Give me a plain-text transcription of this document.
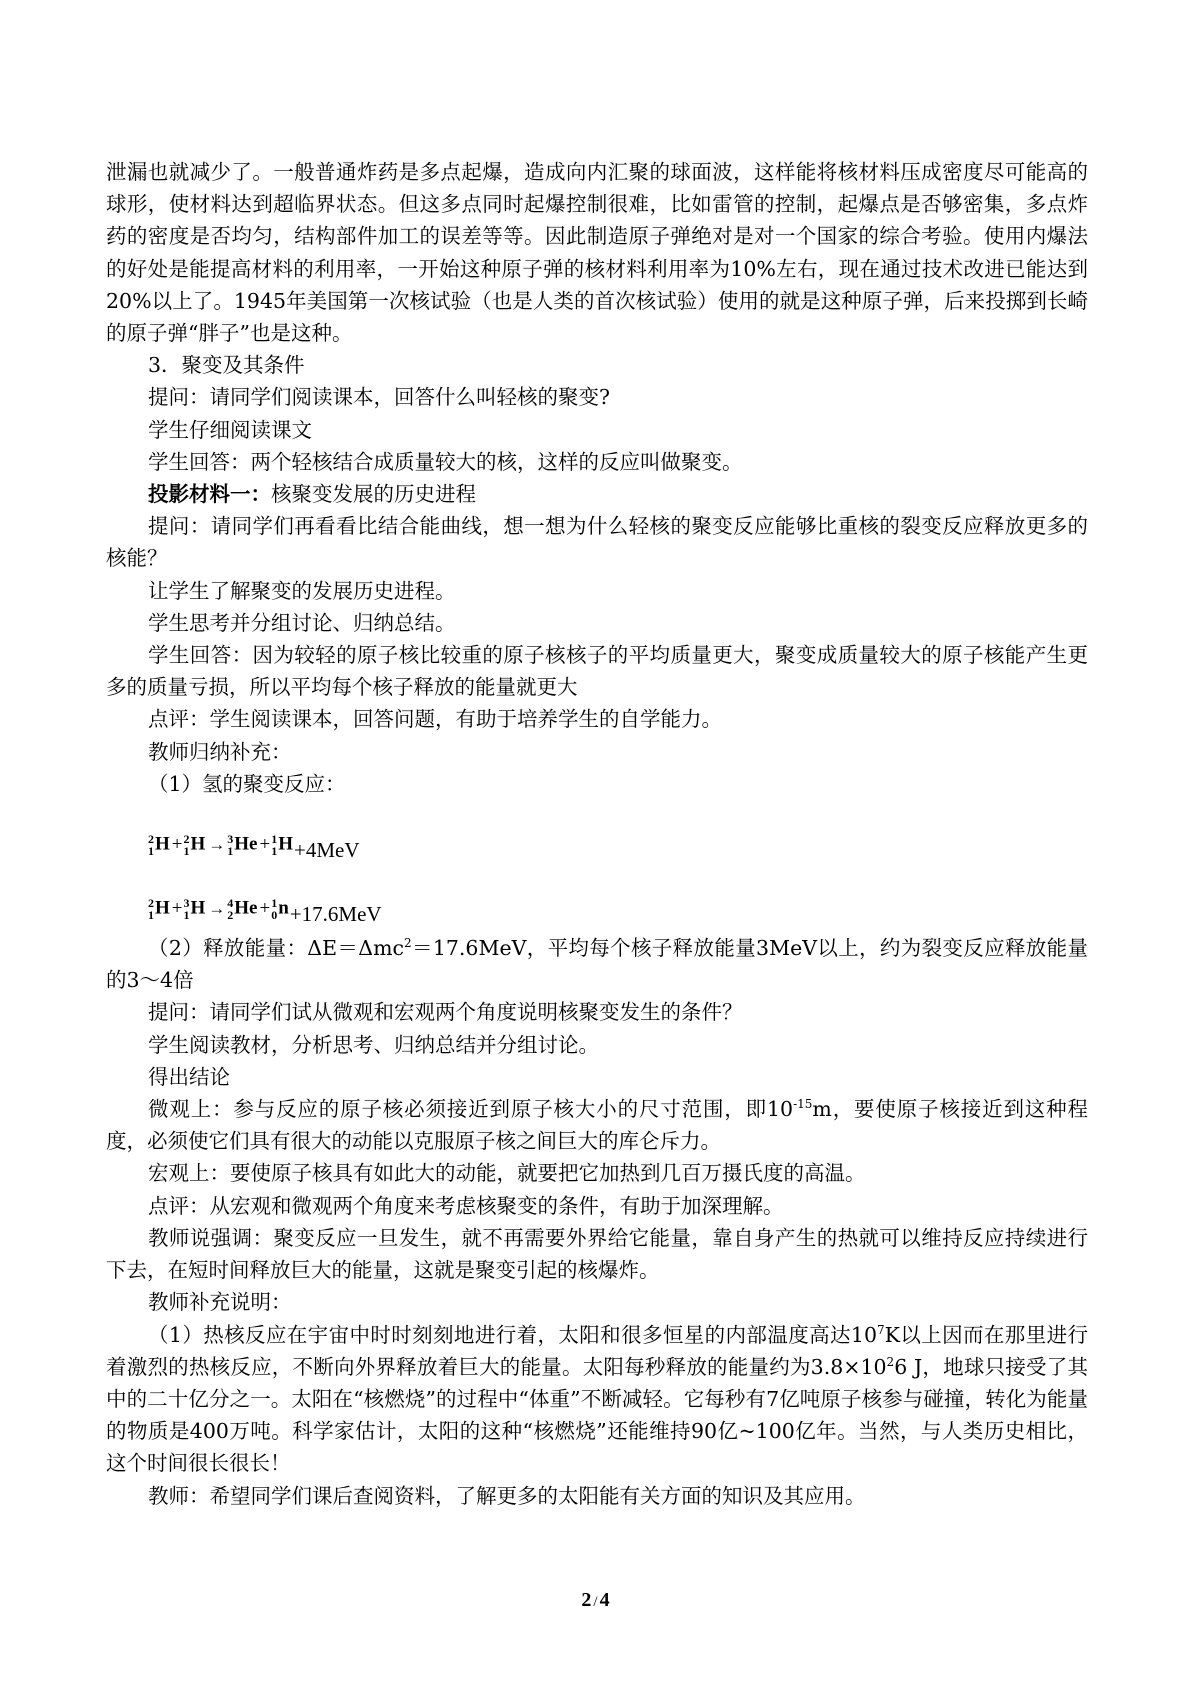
泄漏也就减少了。一般普通炸药是多点起爆，造成向内汇聚的球面波，这样能将核材料压成密度尽可能高的球形，使材料达到超临界状态。但这多点同时起爆控制很难，比如雷管的控制，起爆点是否够密集，多点炸药的密度是否均匀，结构部件加工的误差等等。因此制造原子弹绝对是对一个国家的综合考验。使用内爆法的好处是能提高材料的利用率，一开始这种原子弹的核材料利用率为10%左右，现在通过技术改进已能达到20%以上了。1945年美国第一次核试验（也是人类的首次核试验）使用的就是这种原子弹，后来投掷到长崎的原子弹“胖子”也是这种。

3．聚变及其条件

提问：请同学们阅读课本，回答什么叫轻核的聚变?

学生仔细阅读课文

学生回答：两个轻核结合成质量较大的核，这样的反应叫做聚变。

投影材料一：核聚变发展的历史进程

提问：请同学们再看看比结合能曲线，想一想为什么轻核的聚变反应能够比重核的裂变反应释放更多的核能？

让学生了解聚变的发展历史进程。

学生思考并分组讨论、归纳总结。

学生回答：因为较轻的原子核比较重的原子核核子的平均质量更大，聚变成质量较大的原子核能产生更多的质量亏损，所以平均每个核子释放的能量就更大

点评：学生阅读课本，回答问题，有助于培养学生的自学能力。

教师归纳补充：

（1）氢的聚变反应：

2
1 H + 2
1 H → 3
1 He + 1
1 H+4MeV
2
1 H + 3
1 H → 4
2 He + 1
0 n+17.6MeV

（2）释放能量：ΔE＝Δmc$^2$＝17.6MeV，平均每个核子释放能量3MeV以上，约为裂变反应释放能量的3～4倍

提问：请同学们试从微观和宏观两个角度说明核聚变发生的条件？

学生阅读教材，分析思考、归纳总结并分组讨论。

得出结论

微观上：参与反应的原子核必须接近到原子核大小的尺寸范围，即$10^{-15}m$，要使原子核接近到这种程度，必须使它们具有很大的动能以克服原子核之间巨大的库仑斥力。

宏观上：要使原子核具有如此大的动能，就要把它加热到几百万摄氏度的高温。

点评：从宏观和微观两个角度来考虑核聚变的条件，有助于加深理解。

教师说强调：聚变反应一旦发生，就不再需要外界给它能量，靠自身产生的热就可以维持反应持续进行下去，在短时间释放巨大的能量，这就是聚变引起的核爆炸。

教师补充说明：

（1）热核反应在宇宙中时时刻刻地进行着，太阳和很多恒星的内部温度高达$10^7K$以上因而在那里进行着激烈的热核反应，不断向外界释放着巨大的能量。太阳每秒释放的能量约为$3.8\times 10^26$ J，地球只接受了其中的二十亿分之一。太阳在“核燃烧”的过程中“体重”不断减轻。它每秒有7亿吨原子核参与碰撞，转化为能量的物质是400万吨。科学家估计，太阳的这种“核燃烧”还能维持90亿~100亿年。当然，与人类历史相比，这个时间很长很长！

教师：希望同学们课后查阅资料，了解更多的太阳能有关方面的知识及其应用。

2 / 4
